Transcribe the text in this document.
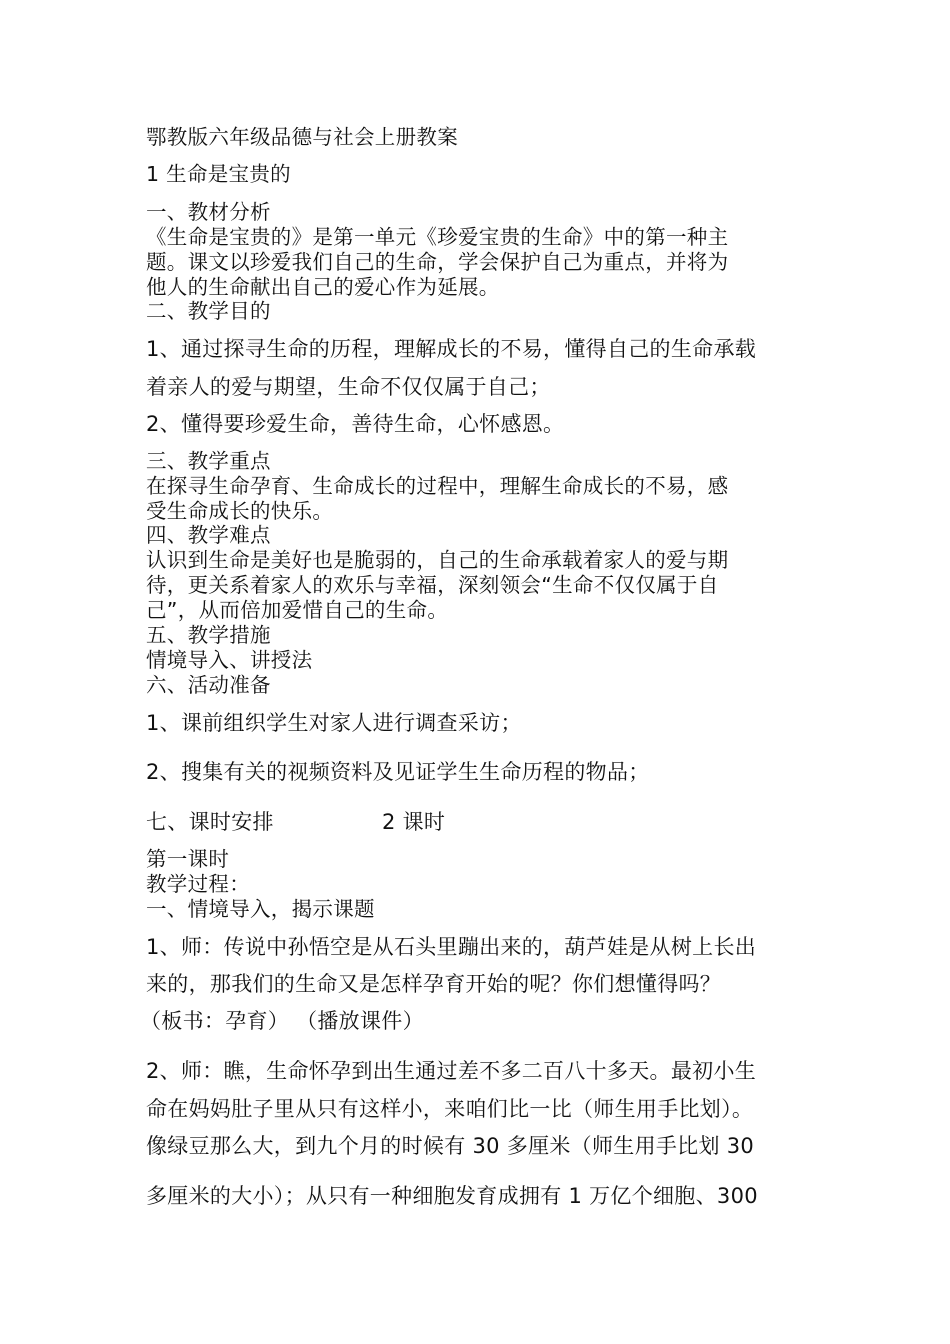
鄂教版六年级品德与社会上册教案
1 生命是宝贵的
一、教材分析
《生命是宝贵的》是第一单元《珍爱宝贵的生命》中的第一种主
题。课文以珍爱我们自己的生命，学会保护自己为重点，并将为
他人的生命献出自己的爱心作为延展。
二、教学目的
1、通过探寻生命的历程，理解成长的不易，懂得自己的生命承载
着亲人的爱与期望，生命不仅仅属于自己；
2、懂得要珍爱生命，善待生命，心怀感恩。
三、教学重点
在探寻生命孕育、生命成长的过程中，理解生命成长的不易，感
受生命成长的快乐。
四、教学难点
认识到生命是美好也是脆弱的，自己的生命承载着家人的爱与期
待，更关系着家人的欢乐与幸福，深刻领会“生命不仅仅属于自
己”，从而倍加爱惜自己的生命。
五、教学措施
情境导入、讲授法
六、活动准备
1、课前组织学生对家人进行调查采访；
2、搜集有关的视频资料及见证学生生命历程的物品；
七、课时安排	2 课时
第一课时
教学过程：
一、情境导入，揭示课题
1、师：传说中孙悟空是从石头里蹦出来的，葫芦娃是从树上长出
来的，那我们的生命又是怎样孕育开始的呢？你们想懂得吗？
（板书：孕育） （播放课件）
2、师：瞧，生命怀孕到出生通过差不多二百八十多天。最初小生
命在妈妈肚子里从只有这样小，来咱们比一比（师生用手比划）。
像绿豆那么大，到九个月的时候有 30 多厘米（师生用手比划 30
多厘米的大小）；从只有一种细胞发育成拥有 1 万亿个细胞、300
